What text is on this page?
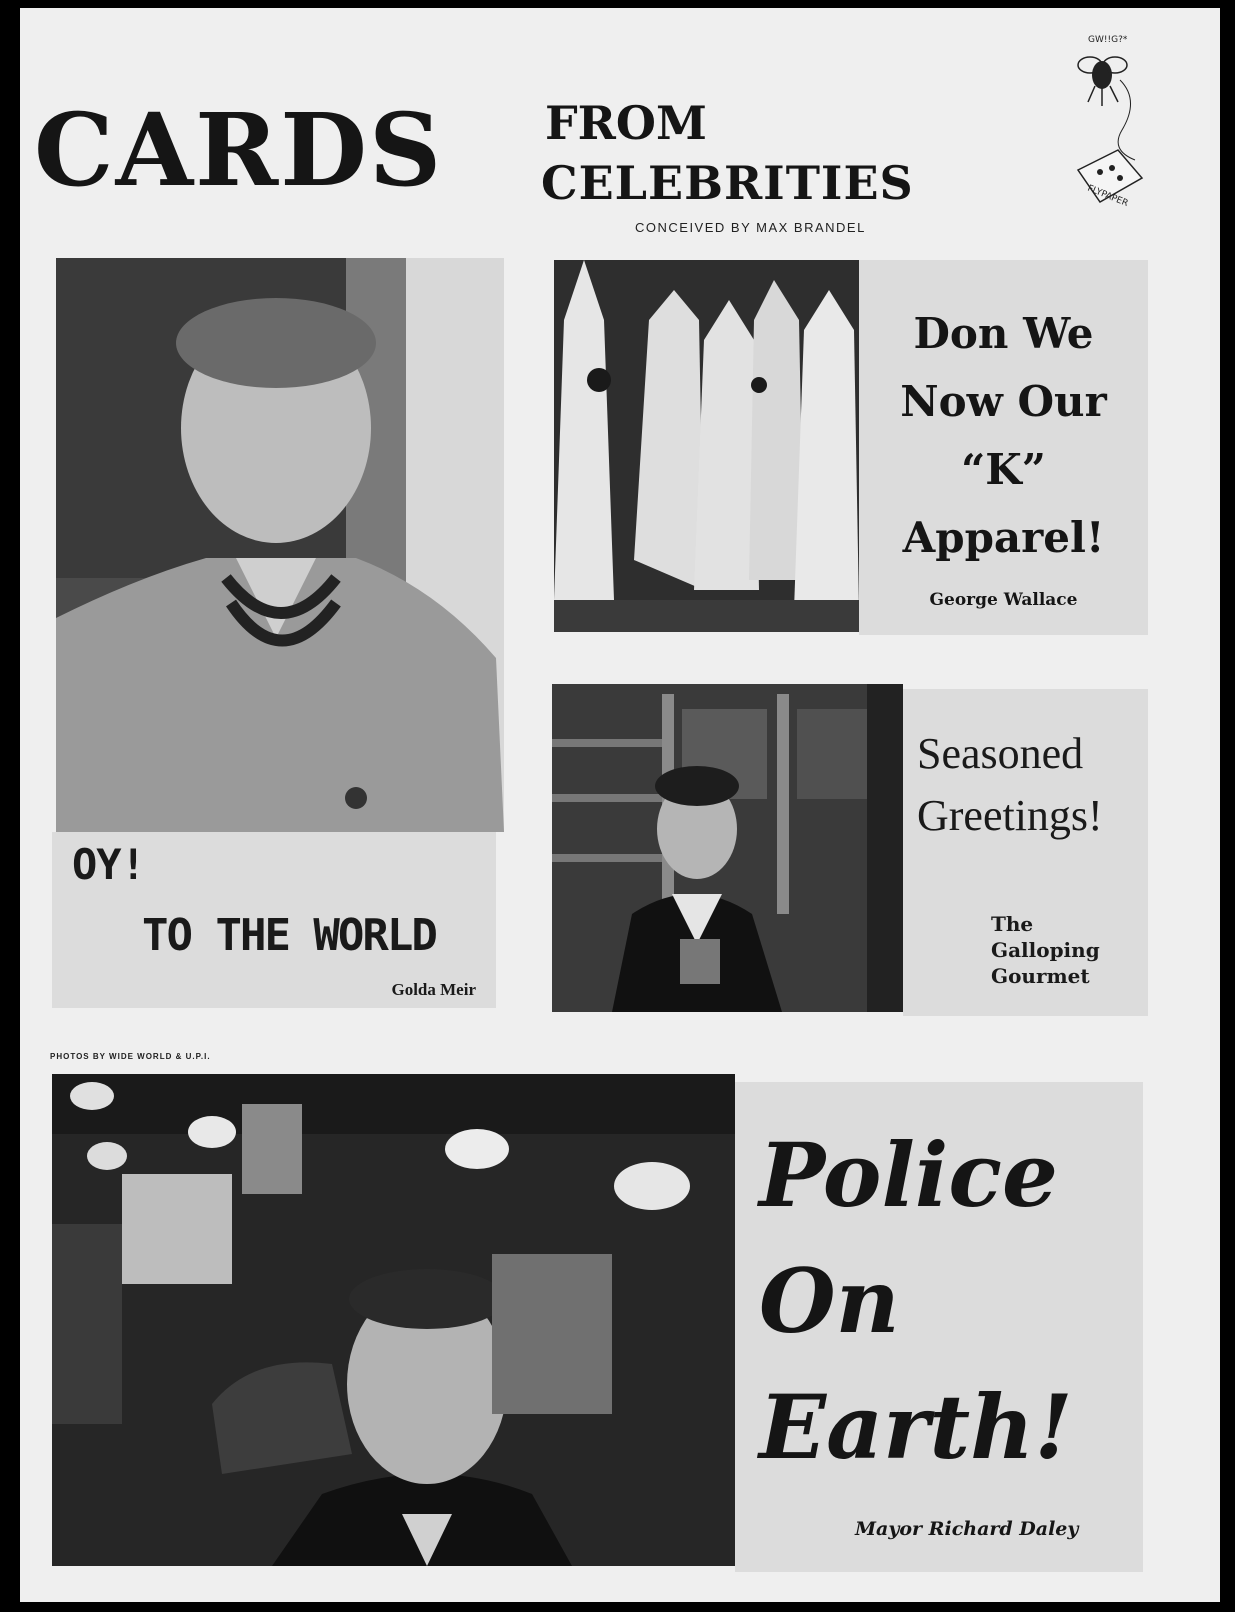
CARDS FROM
CELEBRITIES
CONCEIVED BY MAX BRANDEL
GW!!G?*
FLYPAPER
OY!
TO THE WORLD
Golda Meir
Don We
Now Our
“K”
Apparel!
George Wallace
Seasoned
Greetings!
The
Galloping
Gourmet
PHOTOS BY WIDE WORLD & U.P.I.
Police
On
Earth!
Mayor Richard Daley
